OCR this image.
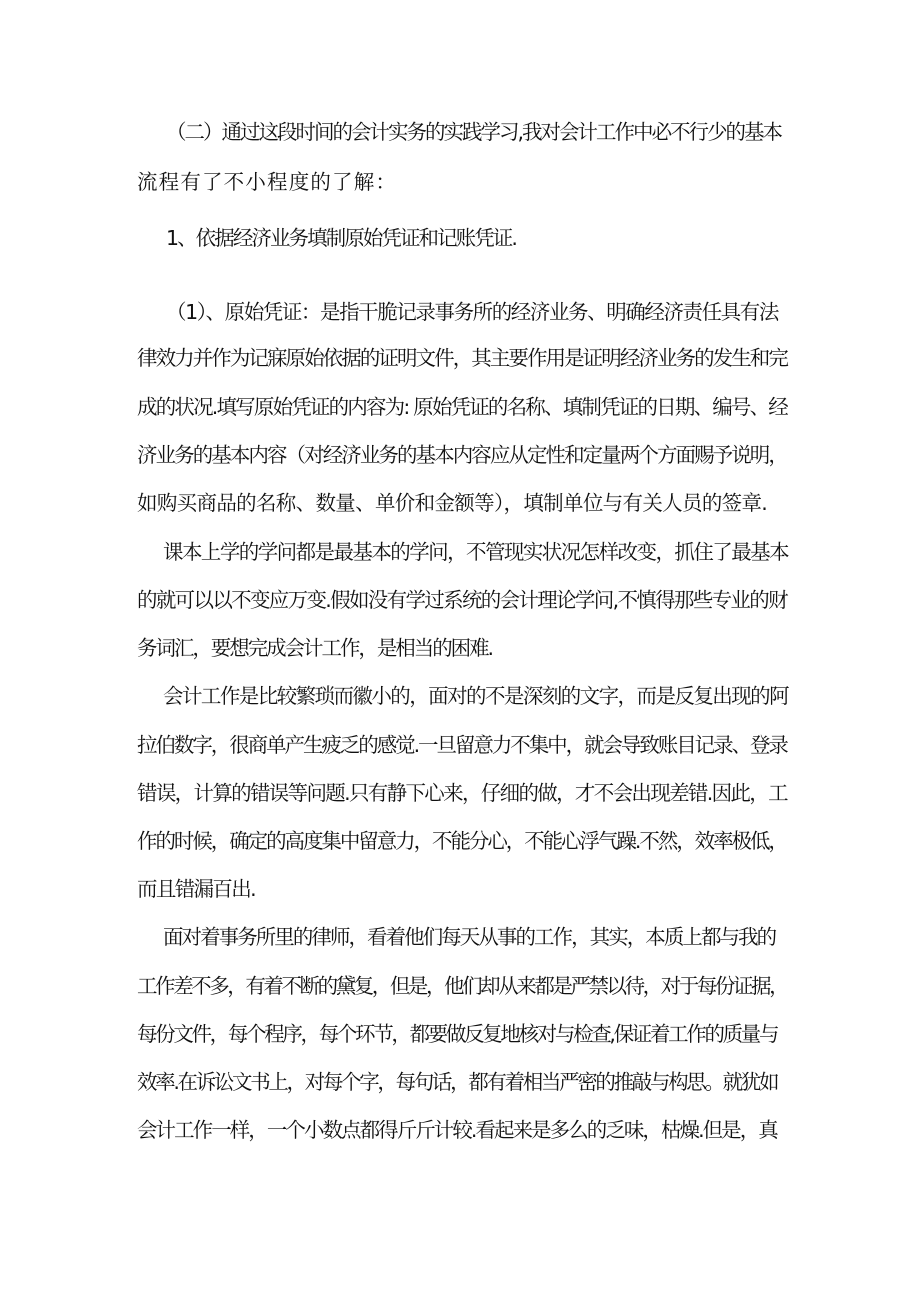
（二）通过这段时间的会计实务的实践学习,我对会计工作中必不行少的基本
流程有了不小程度的了解：
1、依据经济业务填制原始凭证和记账凭证.
（1）、原始凭证：是指干脆记录事务所的经济业务、明确经济责任具有法
律效力并作为记寐原始依据的证明文件，其主要作用是证明经济业务的发生和完
成的状况.填写原始凭证的内容为: 原始凭证的名称、填制凭证的日期、编号、经
济业务的基本内容（对经济业务的基本内容应从定性和定量两个方面赐予说明，
如购买商品的名称、数量、单价和金额等），填制单位与有关人员的签章.
课本上学的学问都是最基本的学问，不管现实状况怎样改变，抓住了最基本
的就可以以不变应万变.假如没有学过系统的会计理论学问,不慎得那些专业的财
务词汇，要想完成会计工作，是相当的困难.
会计工作是比较繁琐而徽小的，面对的不是深刻的文字，而是反复出现的阿
拉伯数字，很商单产生疲乏的感觉.一旦留意力不集中，就会导致账目记录、登录
错误，计算的错误等问题.只有静下心来，仔细的做，才不会出现差错.因此，工
作的时候，确定的高度集中留意力，不能分心，不能心浮气躁.不然，效率极低，
而且错漏百出.
面对着事务所里的律师，看着他们每天从事的工作，其实，本质上都与我的
工作差不多，有着不断的黛复，但是，他们却从来都是严禁以待，对于每份证据，
每份文件，每个程序，每个环节，都要做反复地核对与检查,保证着工作的质量与
效率.在诉讼文书上，对每个字，每句话，都有着相当严密的推敲与构思。就犹如
会计工作一样，一个小数点都得斤斤计较.看起来是多么的乏味，枯燥.但是，真
